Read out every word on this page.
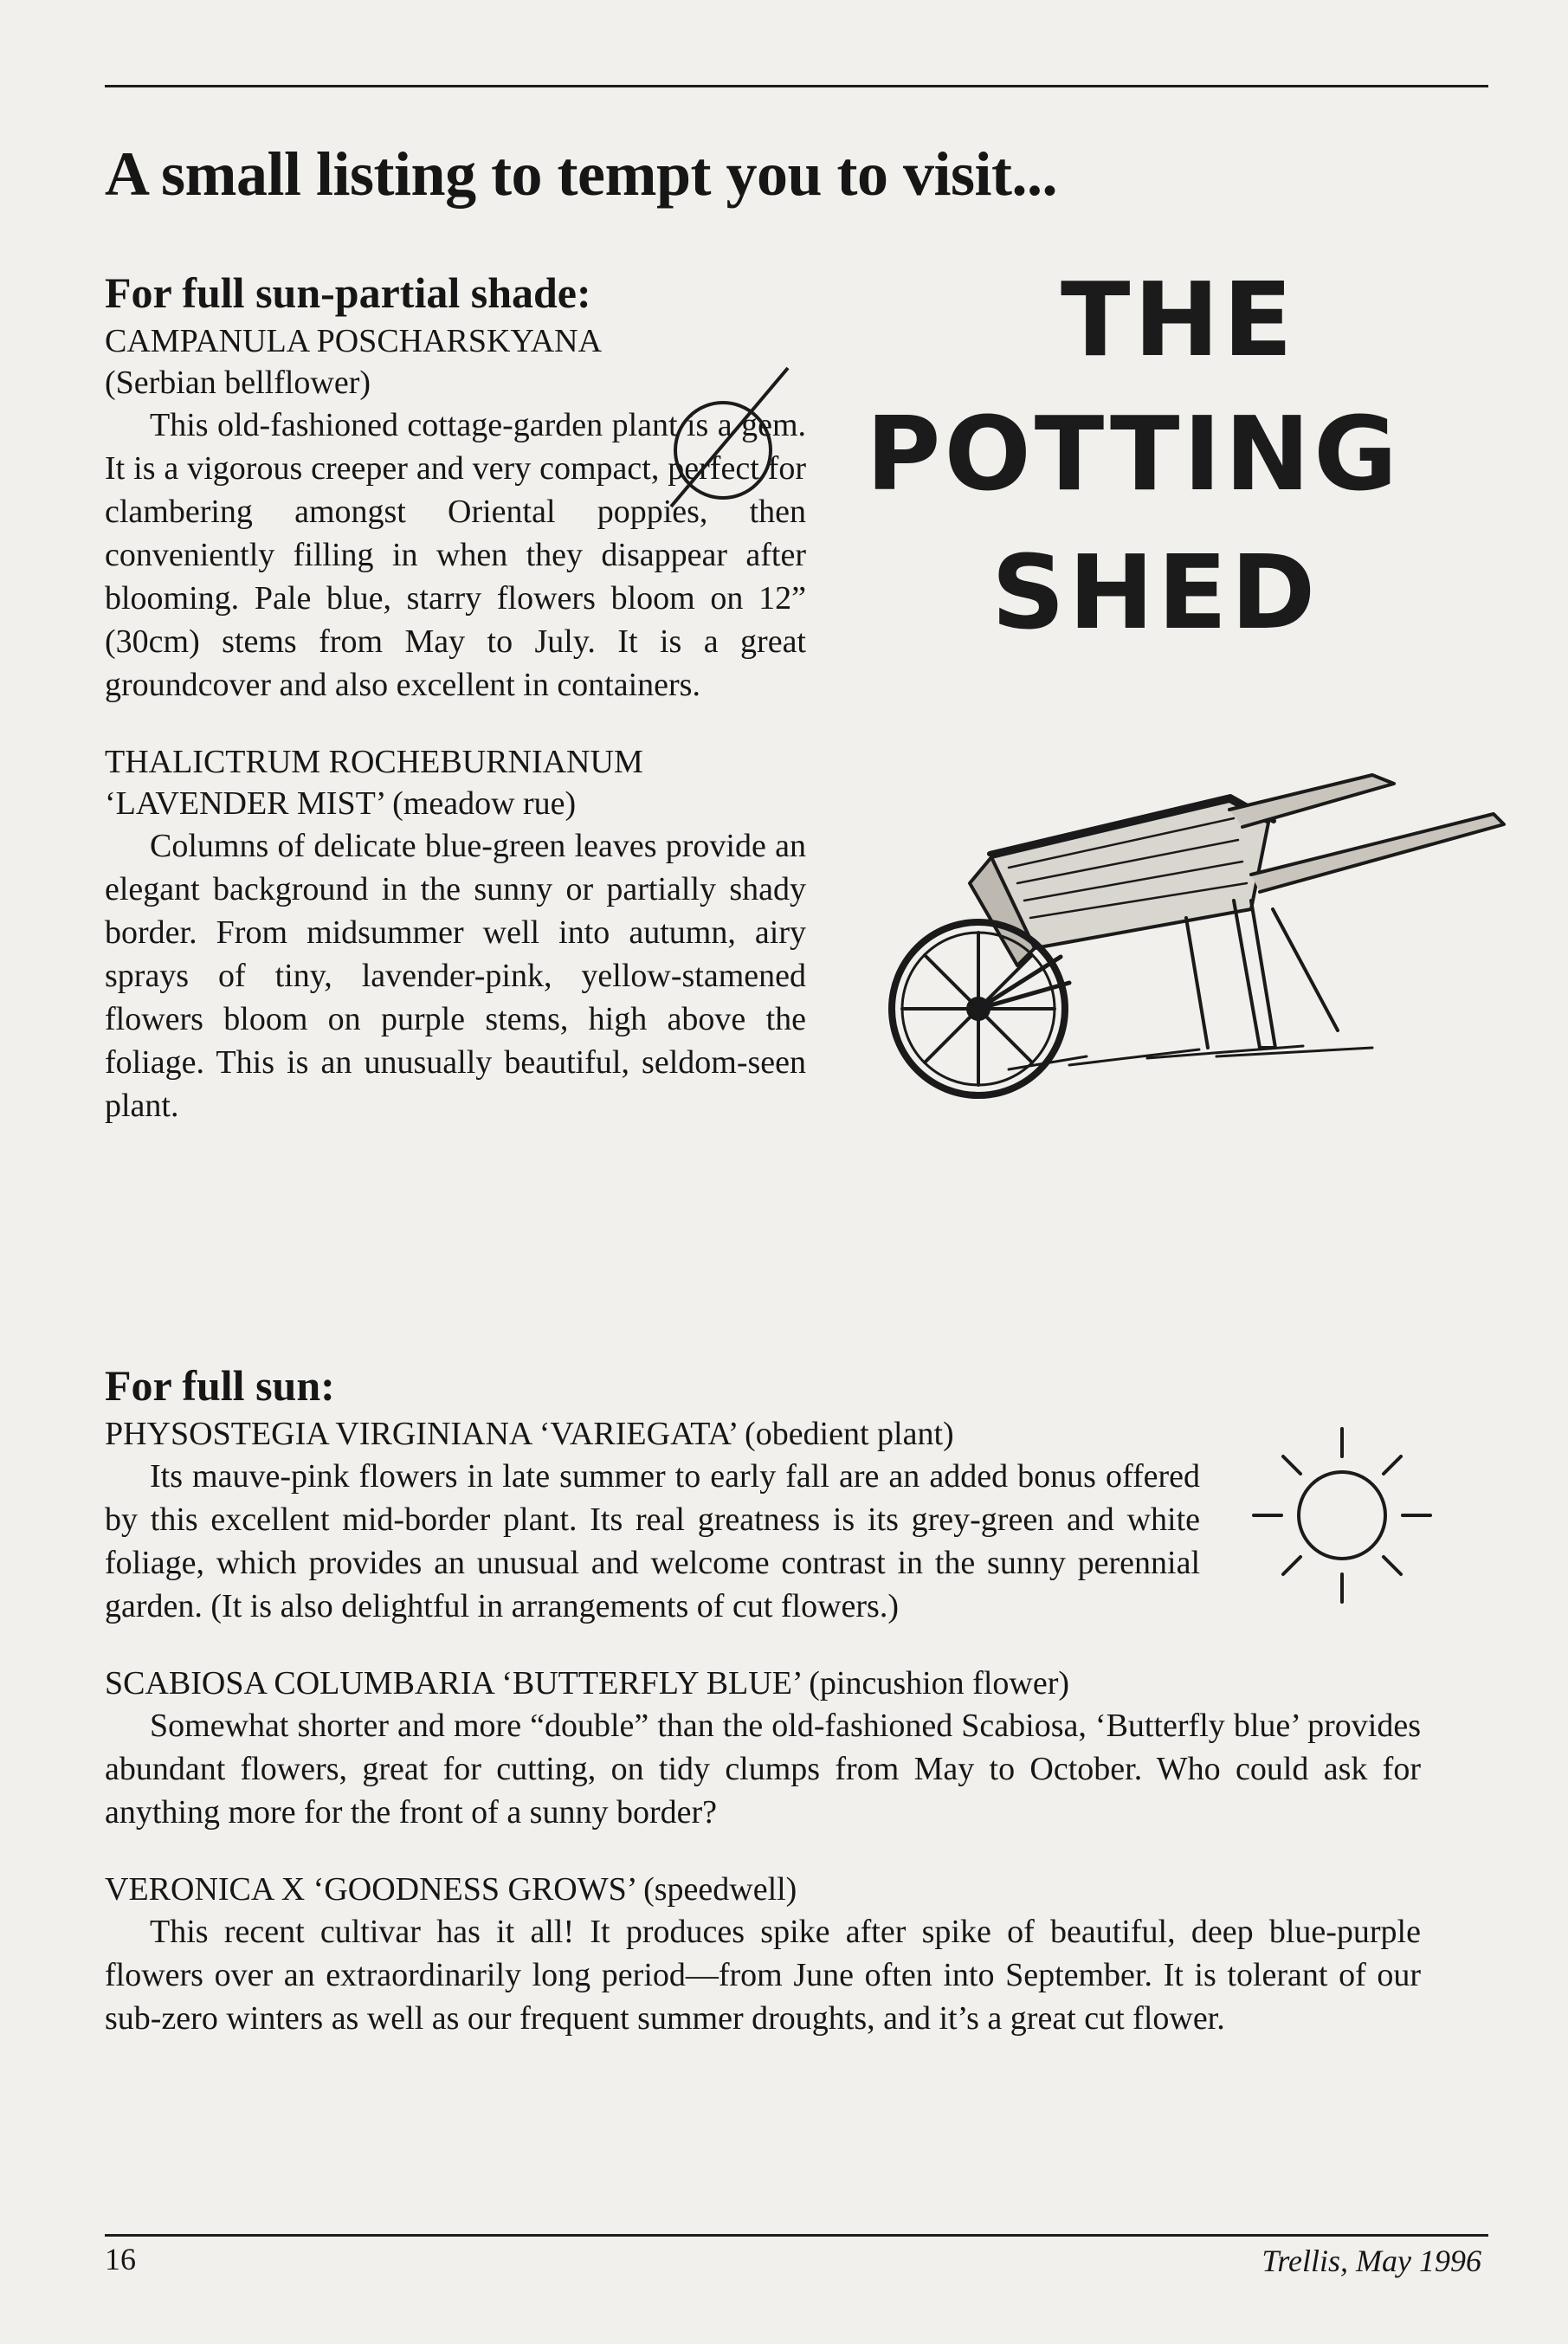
A small listing to tempt you to visit...
For full sun-partial shade:

CAMPANULA POSCHARSKYANA (Serbian bellflower)

This old-fashioned cottage-garden plant is a gem. It is a vigorous creeper and very compact, perfect for clambering amongst Oriental poppies, then conveniently filling in when they disappear after blooming. Pale blue, starry flowers bloom on 12” (30cm) stems from May to July. It is a great groundcover and also excellent in containers.

THALICTRUM ROCHEBURNIANUM ‘LAVENDER MIST’ (meadow rue)

Columns of delicate blue-green leaves provide an elegant background in the sunny or partially shady border. From midsummer well into autumn, airy sprays of tiny, lavender-pink, yellow-stamened flowers bloom on purple stems, high above the foliage. This is an unusually beautiful, seldom-seen plant.

THE
POTTING
SHED
For full sun:

PHYSOSTEGIA VIRGINIANA ‘VARIEGATA’ (obedient plant)

Its mauve-pink flowers in late summer to early fall are an added bonus offered by this excellent mid-border plant. Its real greatness is its grey-green and white foliage, which provides an unusual and welcome contrast in the sunny perennial garden. (It is also delightful in arrangements of cut flowers.)

SCABIOSA COLUMBARIA ‘BUTTERFLY BLUE’ (pincushion flower)

Somewhat shorter and more “double” than the old-fashioned Scabiosa, ‘Butterfly blue’ provides abundant flowers, great for cutting, on tidy clumps from May to October. Who could ask for anything more for the front of a sunny border?

VERONICA X ‘GOODNESS GROWS’ (speedwell)

This recent cultivar has it all! It produces spike after spike of beautiful, deep blue-purple flowers over an extraordinarily long period—from June often into September. It is tolerant of our sub-zero winters as well as our frequent summer droughts, and it’s a great cut flower.

16	Trellis, May 1996
